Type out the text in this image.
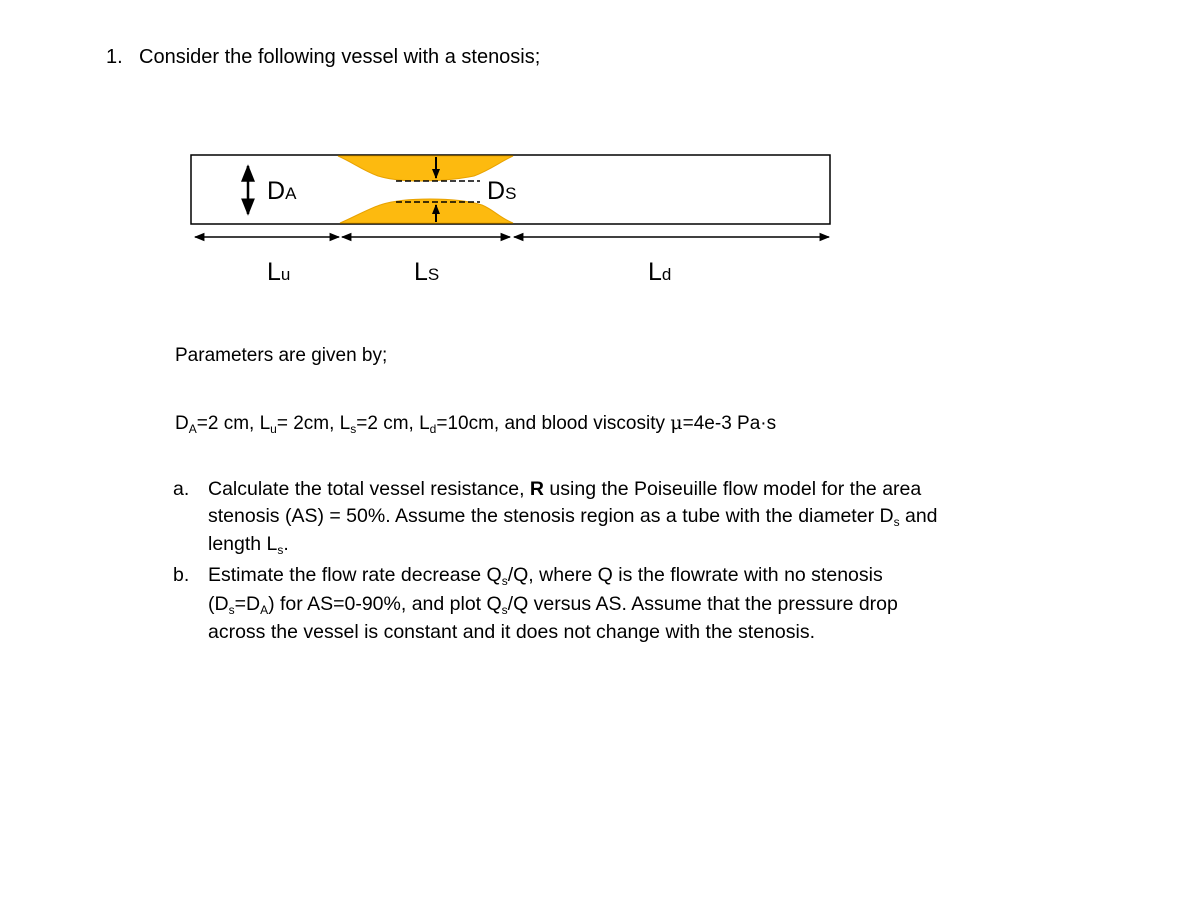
1. Consider the following vessel with a stenosis;
DA	DS
Lu	LS	Ld
Parameters are given by;
$D_A=2$ cm, $L_u= 2cm$, $L_s=2$ cm, $L_d=10cm$, and blood viscosity μ=4e-3 Pa·s
a. Calculate the total vessel resistance, R using the Poiseuille flow model for the area
stenosis (AS) = 50%. Assume the stenosis region as a tube with the diameter $D_s$ and
length $L_s$.
b. Estimate the flow rate decrease $Q_s/Q$, where Q is the flowrate with no stenosis
$(D_s=D_A)$ for AS=0-90%, and plot $Q_s/Q$ versus AS. Assume that the pressure drop
across the vessel is constant and it does not change with the stenosis.
